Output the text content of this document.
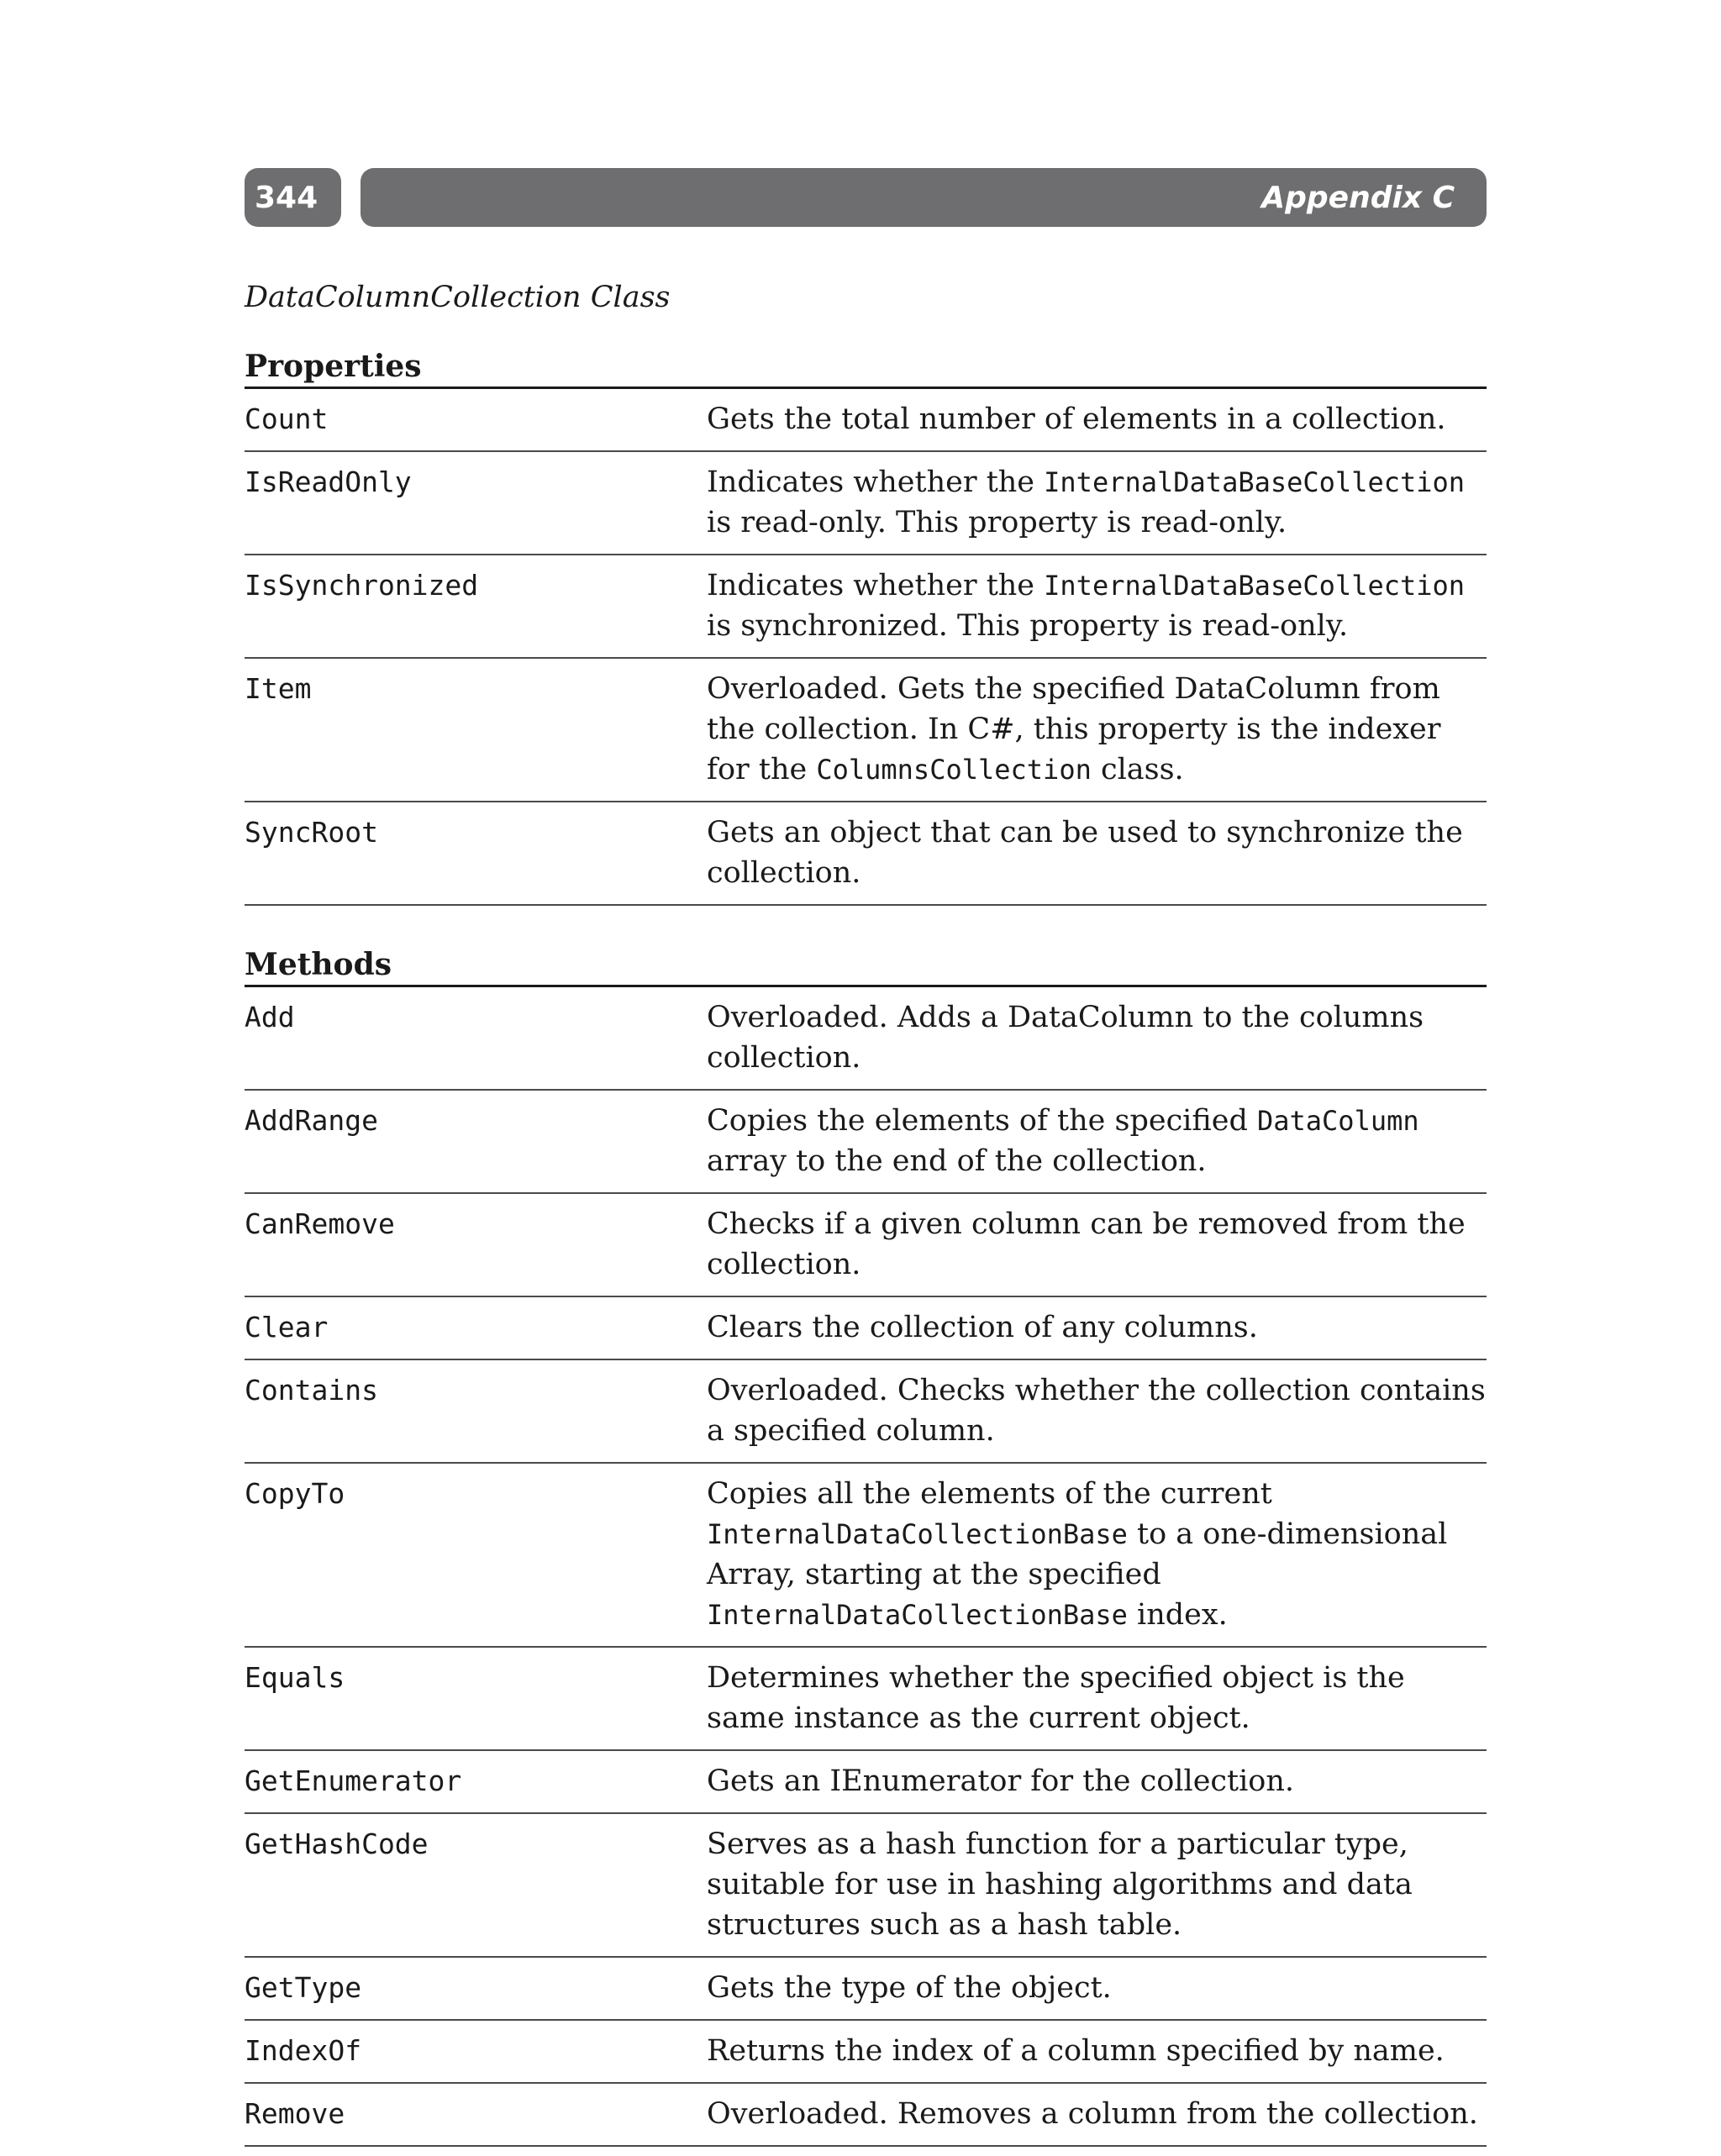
344	Appendix C
DataColumnCollection Class
Properties
Count	Gets the total number of elements in a collection.
IsReadOnly	Indicates whether the InternalDataBaseCollection is read-only. This property is read-only.
IsSynchronized	Indicates whether the InternalDataBaseCollection is synchronized. This property is read-only.
Item	Overloaded. Gets the specified DataColumn from the collection. In C#, this property is the indexer for the ColumnsCollection class.
SyncRoot	Gets an object that can be used to synchronize the collection.
Methods
Add	Overloaded. Adds a DataColumn to the columns collection.
AddRange	Copies the elements of the specified DataColumn array to the end of the collection.
CanRemove	Checks if a given column can be removed from the collection.
Clear	Clears the collection of any columns.
Contains	Overloaded. Checks whether the collection contains a specified column.
CopyTo	Copies all the elements of the current InternalDataCollectionBase to a one-dimensional Array, starting at the specified InternalDataCollectionBase index.
Equals	Determines whether the specified object is the same instance as the current object.
GetEnumerator	Gets an IEnumerator for the collection.
GetHashCode	Serves as a hash function for a particular type, suitable for use in hashing algorithms and data structures such as a hash table.
GetType	Gets the type of the object.
IndexOf	Returns the index of a column specified by name.
Remove	Overloaded. Removes a column from the collection.
